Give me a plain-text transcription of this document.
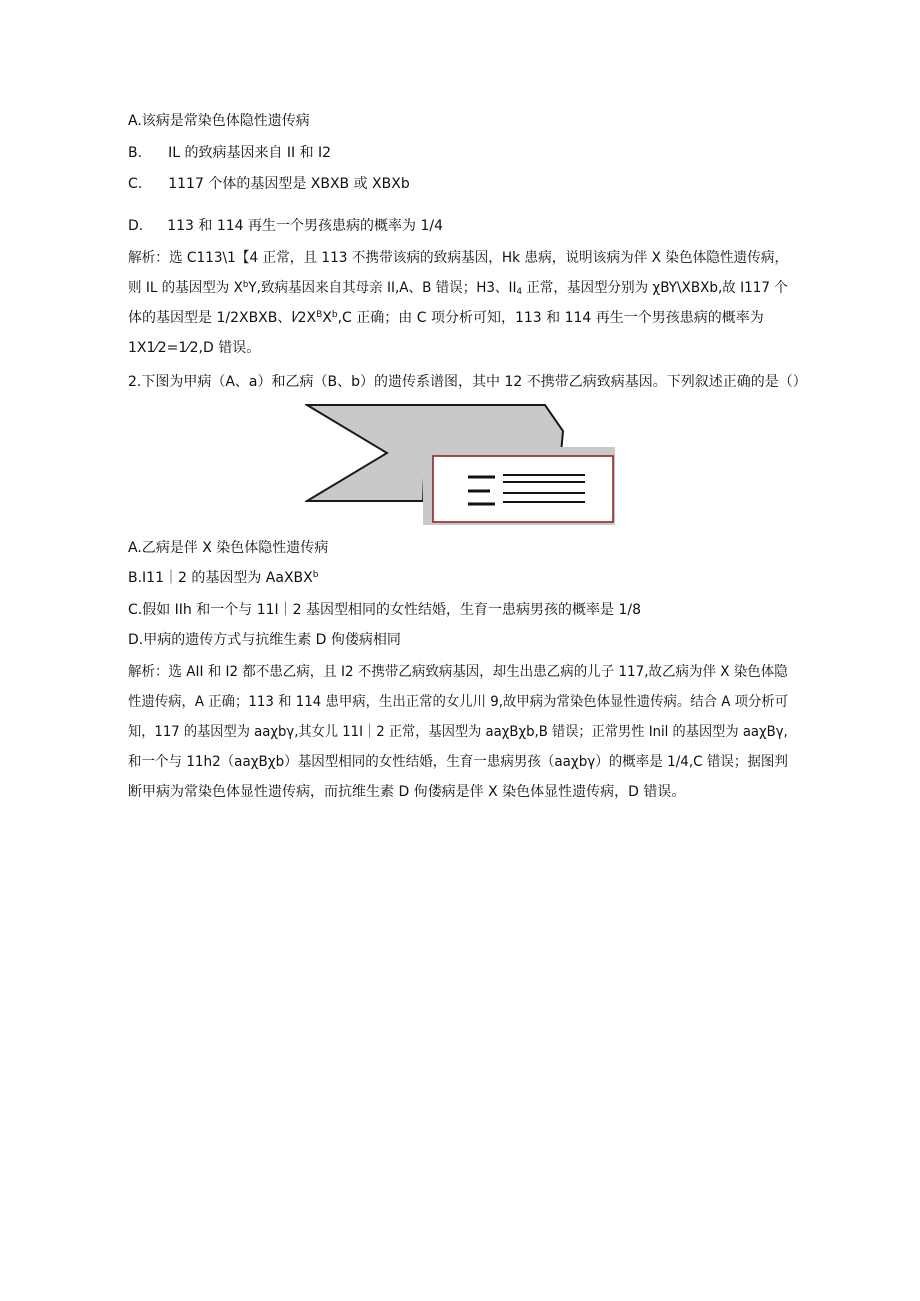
A.该病是常染色体隐性遗传病
B. IL 的致病基因来自 II 和 I2
C. 1117 个体的基因型是 XBXB 或 XBXb
D. 113 和 114 再生一个男孩患病的概率为 1/4
解析：选 C113\1【4 正常，且 113 不携带该病的致病基因，Hk 患病，说明该病为伴 X 染色体隐性遗传病，
则 IL 的基因型为 $X^bY$,致病基因来自其母亲 II,A、B 错误；H3、$II_4$ 正常，基因型分别为 χBY\XBXb,故 I117 个
体的基因型是 1/2XBXB、$l⁄2X^BX^b,C$ 正确；由 C 项分析可知，113 和 114 再生一个男孩患病的概率为
1X1⁄2=1⁄2,D 错误。
2.下图为甲病（A、a）和乙病（B、b）的遗传系谱图，其中 12 不携带乙病致病基因。下列叙述正确的是（）
A.乙病是伴 X 染色体隐性遗传病
B.I11｜2 的基因型为 AaXBX$^b$
C.假如 IIh 和一个与 11I｜2 基因型相同的女性结婚，生育一患病男孩的概率是 1/8
D.甲病的遗传方式与抗维生素 D 佝偻病相同
解析：选 AII 和 I2 都不患乙病，且 I2 不携带乙病致病基因，却生出患乙病的儿子 117,故乙病为伴 X 染色体隐
性遗传病，A 正确；113 和 114 患甲病，生出正常的女儿川 9,故甲病为常染色体显性遗传病。结合 A 项分析可
知，117 的基因型为 aaχbγ,其女儿 11I｜2 正常，基因型为 aaχBχb,B 错误；正常男性 Inil 的基因型为 aaχBγ,
和一个与 11h2（aaχBχb）基因型相同的女性结婚，生育一患病男孩（aaχbγ）的概率是 1/4,C 错误；据图判
断甲病为常染色体显性遗传病，而抗维生素 D 佝偻病是伴 X 染色体显性遗传病，D 错误。
